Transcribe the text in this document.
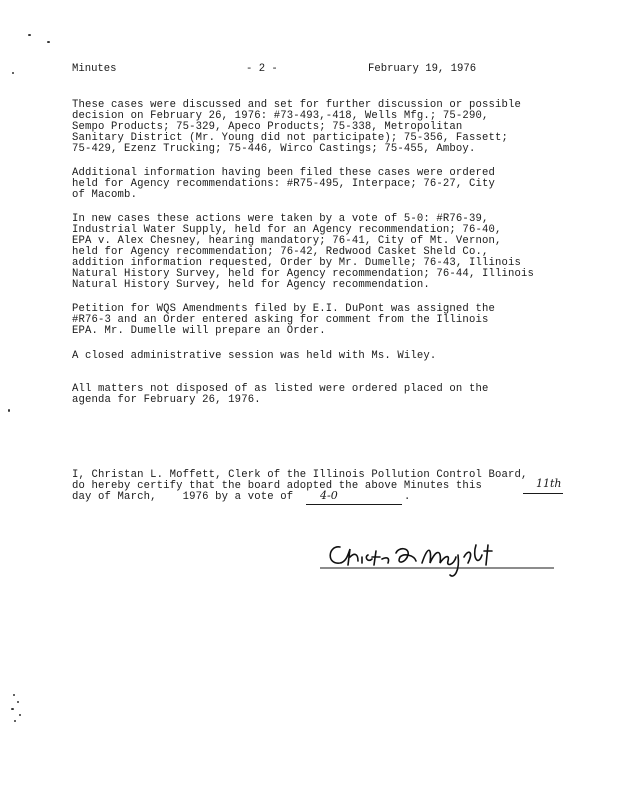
Minutes	- 2 -	February 19, 1976
These cases were discussed and set for further discussion or possible
decision on February 26, 1976: #73-493,-418, Wells Mfg.; 75-290,
Sempo Products; 75-329, Apeco Products; 75-338, Metropolitan
Sanitary District (Mr. Young did not participate); 75-356, Fassett;
75-429, Ezenz Trucking; 75-446, Wirco Castings; 75-455, Amboy.
Additional information having been filed these cases were ordered
held for Agency recommendations: #R75-495, Interpace; 76-27, City
of Macomb.
In new cases these actions were taken by a vote of 5-0: #R76-39,
Industrial Water Supply, held for an Agency recommendation; 76-40,
EPA v. Alex Chesney, hearing mandatory; 76-41, City of Mt. Vernon,
held for Agency recommendation; 76-42, Redwood Casket Sheld Co.,
addition information requested, Order by Mr. Dumelle; 76-43, Illinois
Natural History Survey, held for Agency recommendation; 76-44, Illinois
Natural History Survey, held for Agency recommendation.
Petition for WQS Amendments filed by E.I. DuPont was assigned the
#R76-3 and an Order entered asking for comment from the Illinois
EPA. Mr. Dumelle will prepare an Order.
A closed administrative session was held with Ms. Wiley.
All matters not disposed of as listed were ordered placed on the
agenda for February 26, 1976.
I, Christan L. Moffett, Clerk of the Illinois Pollution Control Board,
do hereby certify that the board adopted the above Minutes this	11th
day of March,    1976 by a vote of 4-0	.
